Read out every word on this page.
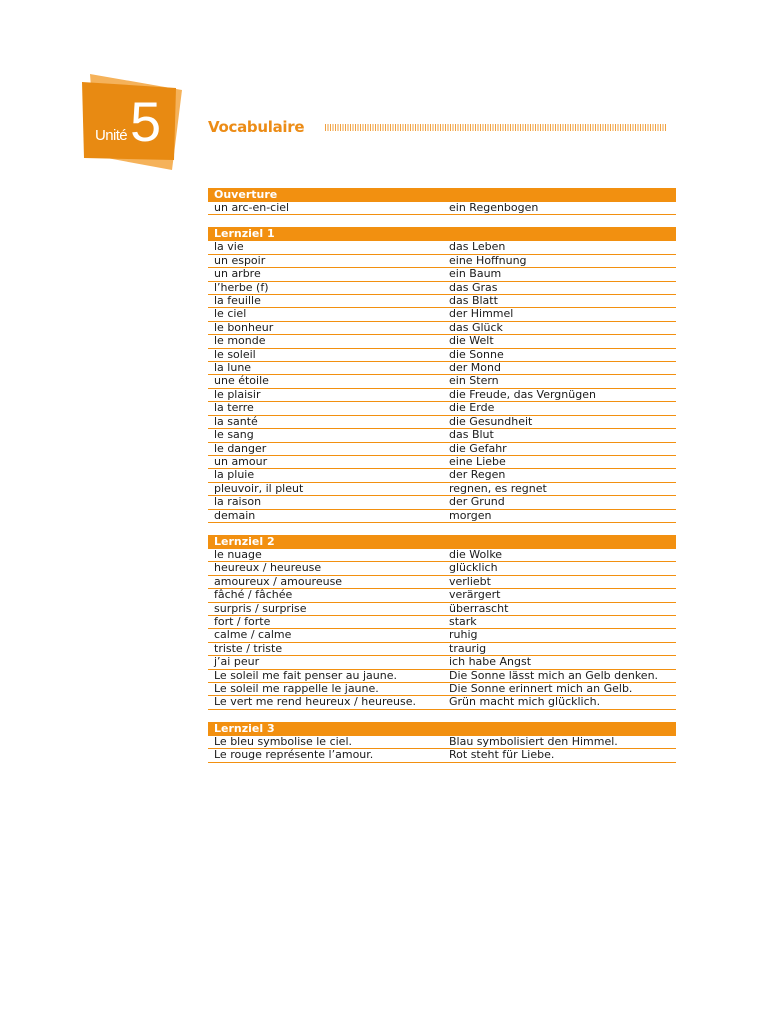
Unité 5	Vocabulaire
Ouverture
un arc-en-ciel	ein Regenbogen
Lernziel 1
la vie	das Leben
un espoir	eine Hoffnung
un arbre	ein Baum
l’herbe (f)	das Gras
la feuille	das Blatt
le ciel	der Himmel
le bonheur	das Glück
le monde	die Welt
le soleil	die Sonne
la lune	der Mond
une étoile	ein Stern
le plaisir	die Freude, das Vergnügen
la terre	die Erde
la santé	die Gesundheit
le sang	das Blut
le danger	die Gefahr
un amour	eine Liebe
la pluie	der Regen
pleuvoir, il pleut	regnen, es regnet
la raison	der Grund
demain	morgen
Lernziel 2
le nuage	die Wolke
heureux / heureuse	glücklich
amoureux / amoureuse	verliebt
fâché / fâchée	verärgert
surpris / surprise	überrascht
fort / forte	stark
calme / calme	ruhig
triste / triste	traurig
j’ai peur	ich habe Angst
Le soleil me fait penser au jaune.	Die Sonne lässt mich an Gelb denken.
Le soleil me rappelle le jaune.	Die Sonne erinnert mich an Gelb.
Le vert me rend heureux / heureuse.	Grün macht mich glücklich.
Lernziel 3
Le bleu symbolise le ciel.	Blau symbolisiert den Himmel.
Le rouge représente l’amour.	Rot steht für Liebe.
